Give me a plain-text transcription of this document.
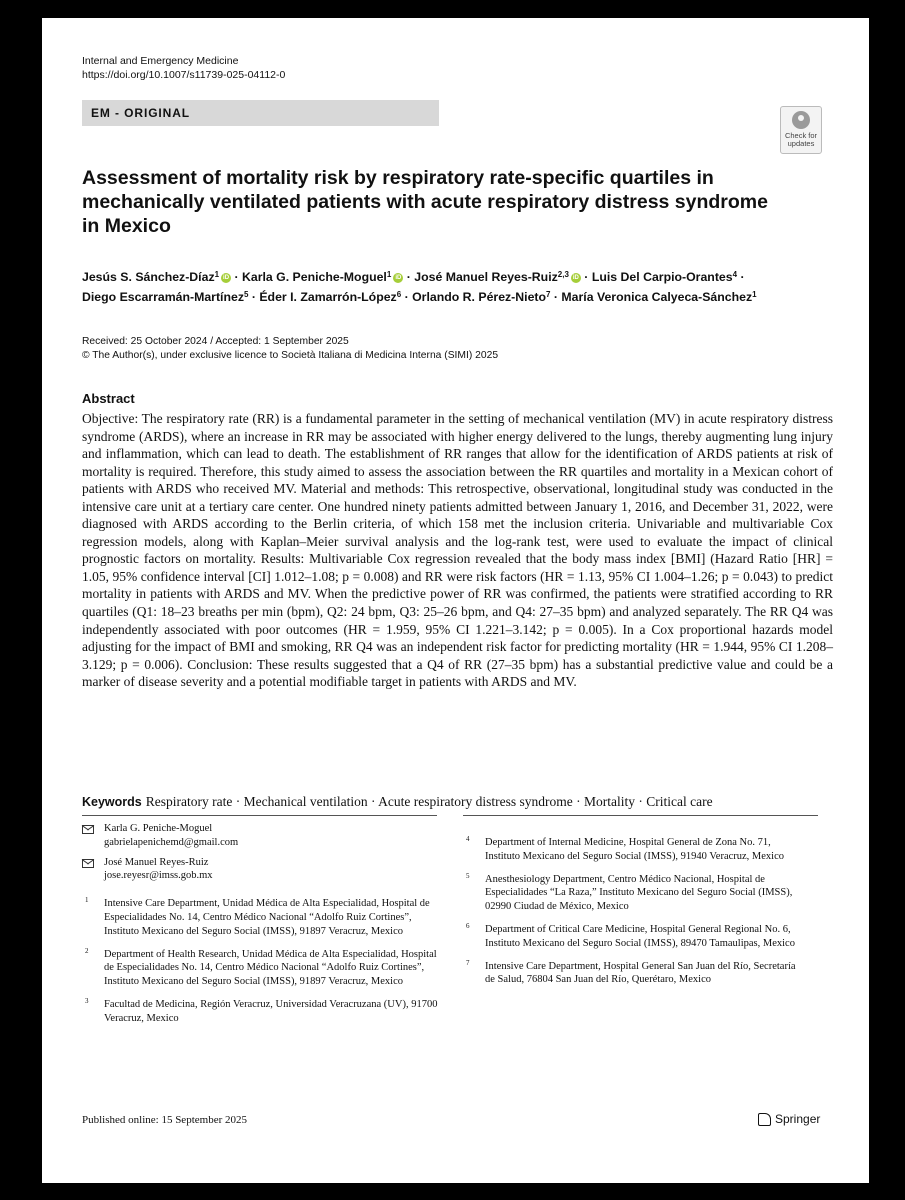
Internal and Emergency Medicine
https://doi.org/10.1007/s11739-025-04112-0
EM - ORIGINAL
Check for updates
Assessment of mortality risk by respiratory rate-specific quartiles in mechanically ventilated patients with acute respiratory distress syndrome in Mexico
Jesús S. Sánchez-Díaz$^1$ iD · Karla G. Peniche-Moguel$^1$ iD · José Manuel Reyes-Ruiz$^{2,3}$ iD · Luis Del Carpio-Orantes$^4$ ·
Diego Escarramán-Martínez$^5$ · Éder I. Zamarrón-López$^6$ · Orlando R. Pérez-Nieto$^7$ · María Veronica Calyeca-Sánchez$^1$
Received: 25 October 2024 / Accepted: 1 September 2025
© The Author(s), under exclusive licence to Società Italiana di Medicina Interna (SIMI) 2025
Abstract

Objective: The respiratory rate (RR) is a fundamental parameter in the setting of mechanical ventilation (MV) in acute respiratory distress syndrome (ARDS), where an increase in RR may be associated with higher energy delivered to the lungs, thereby augmenting lung injury and inflammation, which can lead to death. The establishment of RR ranges that allow for the identification of ARDS patients at risk of mortality is required. Therefore, this study aimed to assess the association between the RR quartiles and mortality in a Mexican cohort of patients with ARDS who received MV. Material and methods: This retrospective, observational, longitudinal study was conducted in the intensive care unit at a tertiary care center. One hundred ninety patients admitted between January 1, 2016, and December 31, 2022, were diagnosed with ARDS according to the Berlin criteria, of which 158 met the inclusion criteria. Univariable and multivariable Cox regression models, along with Kaplan–Meier survival analysis and the log-rank test, were used to evaluate the impact of clinical prognostic factors on mortality. Results: Multivariable Cox regression revealed that the body mass index [BMI] (Hazard Ratio [HR] = 1.05, 95% confidence interval [CI] 1.012–1.08; p = 0.008) and RR were risk factors (HR = 1.13, 95% CI 1.004–1.26; p = 0.043) to predict mortality in patients with ARDS and MV. When the predictive power of RR was confirmed, the patients were stratified according to RR quartiles (Q1: 18–23 breaths per min (bpm), Q2: 24 bpm, Q3: 25–26 bpm, and Q4: 27–35 bpm) and analyzed separately. The RR Q4 was independently associated with poor outcomes (HR = 1.959, 95% CI 1.221–3.142; p = 0.005). In a Cox proportional hazards model adjusting for the impact of BMI and smoking, RR Q4 was an independent risk factor for predicting mortality (HR = 1.944, 95% CI 1.208–3.129; p = 0.006). Conclusion: These results suggested that a Q4 of RR (27–35 bpm) has a substantial predictive value and could be a marker of disease severity and a potential modifiable target in patients with ARDS and MV.

Keywords Respiratory rate · Mechanical ventilation · Acute respiratory distress syndrome · Mortality · Critical care
Karla G. Peniche-Moguel
gabrielapenichemd@gmail.com
José Manuel Reyes-Ruiz
jose.reyesr@imss.gob.mx
1 Intensive Care Department, Unidad Médica de Alta Especialidad, Hospital de Especialidades No. 14, Centro Médico Nacional “Adolfo Ruiz Cortines”, Instituto Mexicano del Seguro Social (IMSS), 91897 Veracruz, Mexico
2 Department of Health Research, Unidad Médica de Alta Especialidad, Hospital de Especialidades No. 14, Centro Médico Nacional “Adolfo Ruiz Cortines”, Instituto Mexicano del Seguro Social (IMSS), 91897 Veracruz, Mexico
3 Facultad de Medicina, Región Veracruz, Universidad Veracruzana (UV), 91700 Veracruz, Mexico
4 Department of Internal Medicine, Hospital General de Zona No. 71, Instituto Mexicano del Seguro Social (IMSS), 91940 Veracruz, Mexico
5 Anesthesiology Department, Centro Médico Nacional, Hospital de Especialidades “La Raza,” Instituto Mexicano del Seguro Social (IMSS), 02990 Ciudad de México, Mexico
6 Department of Critical Care Medicine, Hospital General Regional No. 6, Instituto Mexicano del Seguro Social (IMSS), 89470 Tamaulipas, Mexico
7 Intensive Care Department, Hospital General San Juan del Río, Secretaría de Salud, 76804 San Juan del Río, Querétaro, Mexico
Published online: 15 September 2025	Springer
